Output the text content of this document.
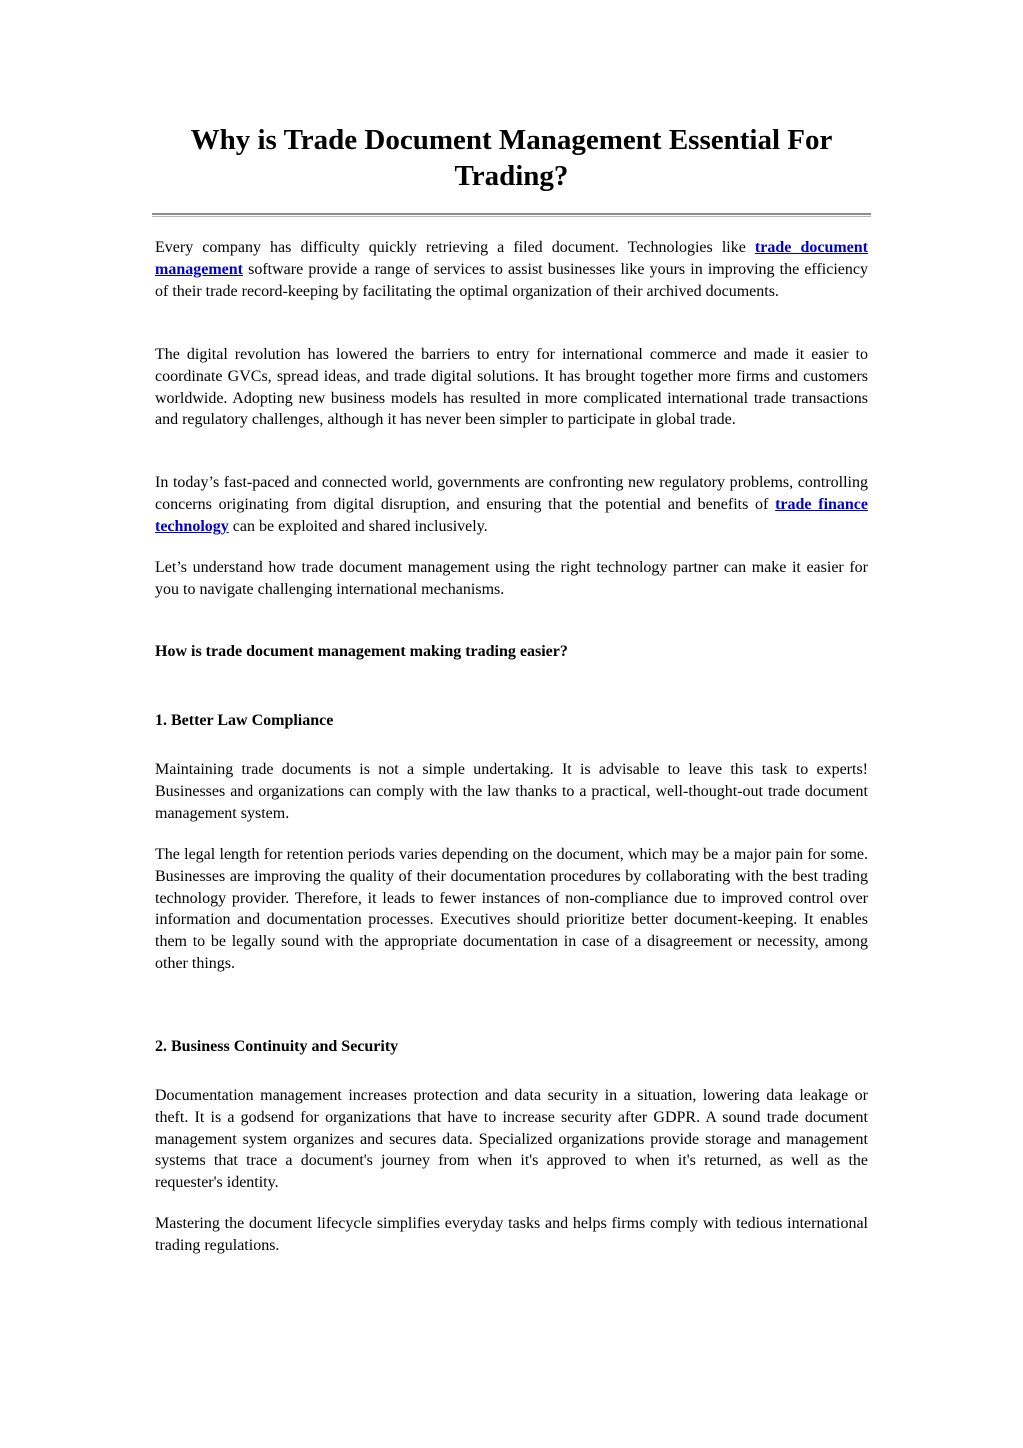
Why is Trade Document Management Essential For Trading?

Every company has difficulty quickly retrieving a filed document. Technologies like trade document management software provide a range of services to assist businesses like yours in improving the efficiency of their trade record-keeping by facilitating the optimal organization of their archived documents.

The digital revolution has lowered the barriers to entry for international commerce and made it easier to coordinate GVCs, spread ideas, and trade digital solutions. It has brought together more firms and customers worldwide. Adopting new business models has resulted in more complicated international trade transactions and regulatory challenges, although it has never been simpler to participate in global trade.

In today’s fast-paced and connected world, governments are confronting new regulatory problems, controlling concerns originating from digital disruption, and ensuring that the potential and benefits of trade finance technology can be exploited and shared inclusively.

Let’s understand how trade document management using the right technology partner can make it easier for you to navigate challenging international mechanisms.

How is trade document management making trading easier?
1. Better Law Compliance

Maintaining trade documents is not a simple undertaking. It is advisable to leave this task to experts! Businesses and organizations can comply with the law thanks to a practical, well-thought-out trade document management system.

The legal length for retention periods varies depending on the document, which may be a major pain for some. Businesses are improving the quality of their documentation procedures by collaborating with the best trading technology provider. Therefore, it leads to fewer instances of non-compliance due to improved control over information and documentation processes. Executives should prioritize better document-keeping. It enables them to be legally sound with the appropriate documentation in case of a disagreement or necessity, among other things.

2. Business Continuity and Security

Documentation management increases protection and data security in a situation, lowering data leakage or theft. It is a godsend for organizations that have to increase security after GDPR. A sound trade document management system organizes and secures data. Specialized organizations provide storage and management systems that trace a document's journey from when it's approved to when it's returned, as well as the requester's identity.

Mastering the document lifecycle simplifies everyday tasks and helps firms comply with tedious international trading regulations.
